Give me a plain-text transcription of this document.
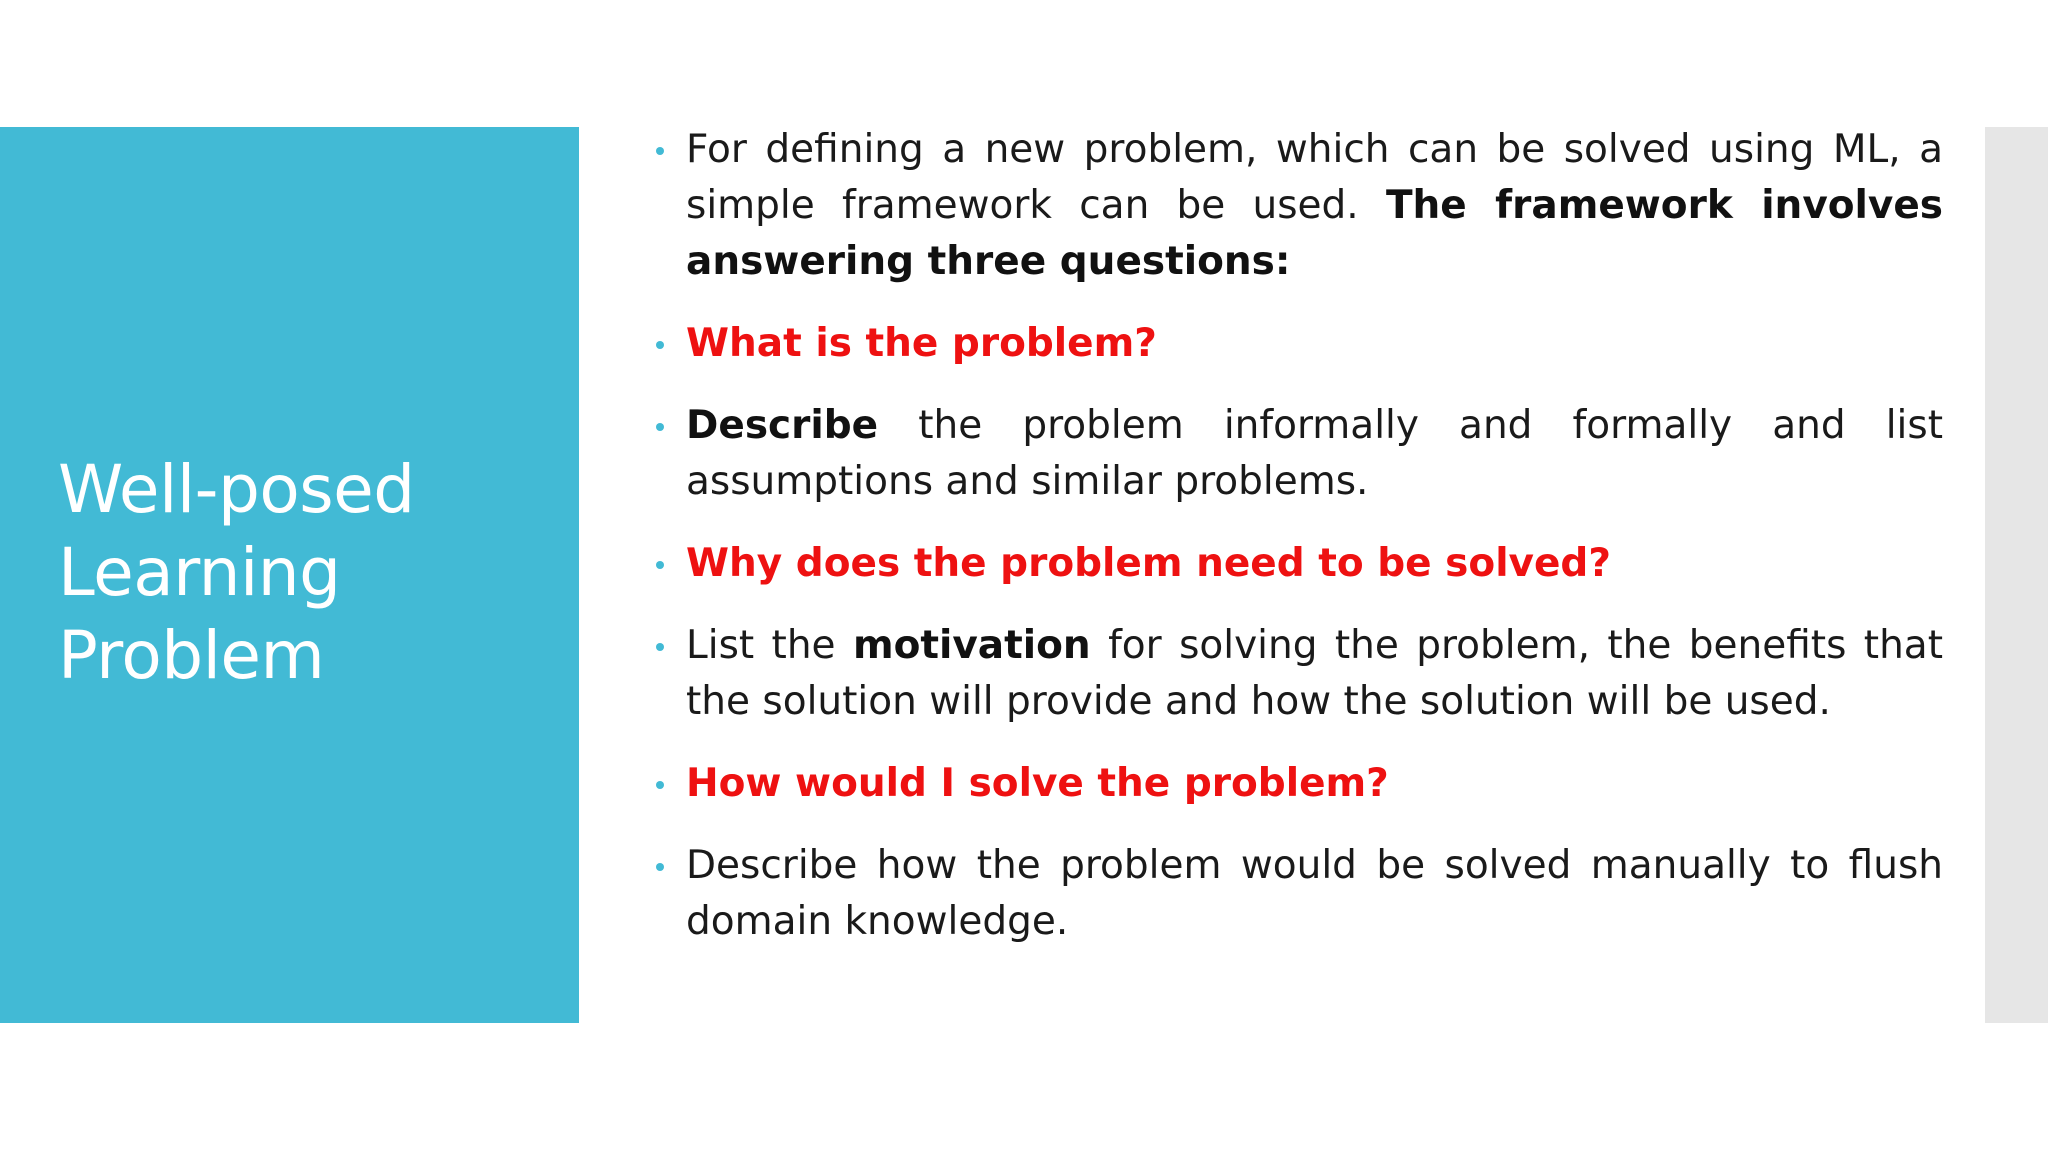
Well-posed
Learning
Problem
For defining a new problem, which can be solved using ML, a simple framework can be used. The framework involves answering three questions:
What is the problem?
Describe the problem informally and formally and list assumptions and similar problems.
Why does the problem need to be solved?
List the motivation for solving the problem, the benefits that the solution will provide and how the solution will be used.
How would I solve the problem?
Describe how the problem would be solved manually to flush domain knowledge.
